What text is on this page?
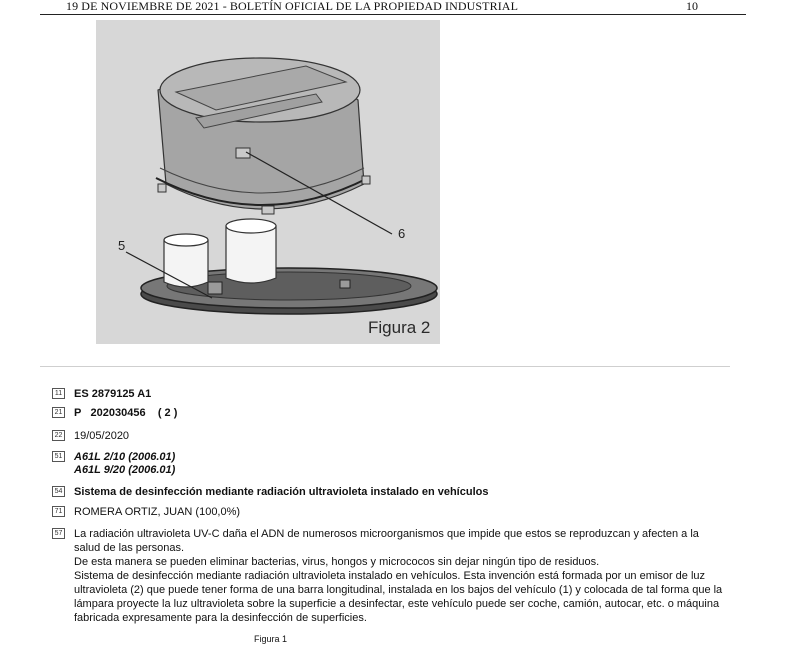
19 DE NOVIEMBRE DE 2021 - BOLETÍN OFICIAL DE LA PROPIEDAD INDUSTRIAL	10
5
6
Figura 2
11 ES 2879125 A1
21 P 202030456 ( 2 )
22 19/05/2020
51 A61L 2/10 (2006.01)
A61L 9/20 (2006.01)
54 Sistema de desinfección mediante radiación ultravioleta instalado en vehículos
71 ROMERA ORTIZ, JUAN (100,0%)
57 La radiación ultravioleta UV-C daña el ADN de numerosos microorganismos que impide que estos se reproduzcan y afecten a la salud de las personas.

De esta manera se pueden eliminar bacterias, virus, hongos y micrococos sin dejar ningún tipo de residuos.

Sistema de desinfección mediante radiación ultravioleta instalado en vehículos. Esta invención está formada por un emisor de luz ultravioleta (2) que puede tener forma de una barra longitudinal, instalada en los bajos del vehículo (1) y colocada de tal forma que la lámpara proyecte la luz ultravioleta sobre la superficie a desinfectar, este vehículo puede ser coche, camión, autocar, etc. o máquina fabricada expresamente para la desinfección de superficies.

Figura 1
